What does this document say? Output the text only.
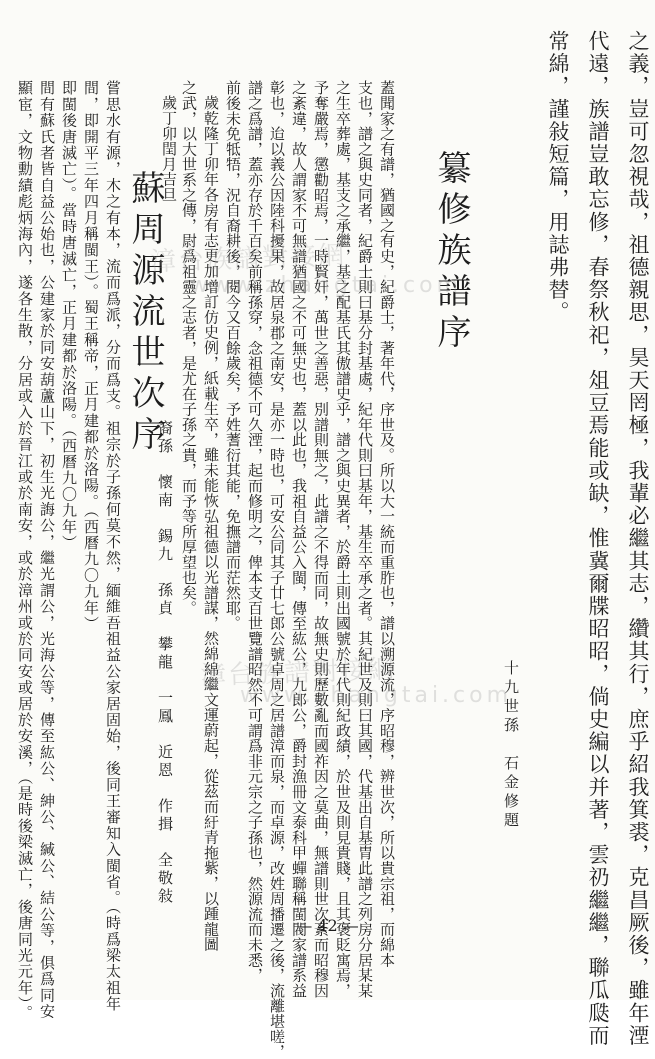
之義，豈可忽視哉，祖德親思，昊天罔極，我輩必繼其志，纘其行，庶乎紹我箕裘，克昌厥後，雖年湮
代遠，族譜豈敢忘修，春祭秋祀，俎豆焉能或缺，惟冀爾牒昭昭，倘史編以并著，雲礽繼繼，聯瓜瓞而
常綿，謹敍短篇，用誌弗替。
纂修族譜序
十九世孫　石金修題
蓋聞家之有譜，猶國之有史，紀爵士，著年代，序世及。所以大一統而重胙也，譜以溯源流，序昭穆，辨世次，所以貴宗祖，而綿本
支也，譜之與史同者，紀爵士則曰基分封基處，紀年代則曰基年，基生卒承之者。其紀世及則曰其國，代基出自基胄此譜之列房分居某某
之生卒葬處，基支之承繼，基之配基氏其傲譜史乎，譜之與史異者，於爵土則出國號於年代則紀政績，於世及則見貴賤，且其褒貶寓焉，
予奪嚴焉，懲勸昭焉，一時賢奸，萬世之善惡，別譜則無之，此譜之不得而同，故無史則歷數亂而國祚因之莫曲，無譜則世次紊而昭穆因
之紊違，故人謂家不可無譜猶國之不可無史也，蓋以此也，我祖自益公入閩，傳至紘公，九郎公，爵封漁冊文泰科甲蟬聯稱閩閥家譜系益
彰也，迨以義公因陸科擾果，故居泉郡之南安，是亦一時也，可安公同其子廿七郎公號卓周之居譜漳而泉，而卓源，改姓周播遷之後，流離堪嗟，
譜之爲譜，蓋亦存於千百矣前稱孫穿，念祖德不可久湮，起而修明之，俾本支百世覽譜昭然不可謂爲非元宗之子孫也，然源流而未悉，
前後未免牴牾，況自裔耕後，閱今又百餘歲矣，予姓蓍衍其能，免撫譜而茫然耶。
歲乾隆丁卯年各房有志更加增訂仿史例，紙載生卒，雖未能恢弘祖德以光譜謀，然綿綿繼文運蔚起，從茲而紆青拖紫，以踵龍圖
之武，以大世系之傳，尉爲祖靈之志者，是尤在子孫之貴，而予等所厚望也矣。
歲丁卯閏月吉旦
裔孫　懷南　錫九　孫貞　攀龍　一鳳　近恩　作揖　全敬敍
蘇周源流世次序
嘗思水有源，木之有本，流而爲派，分而爲支。祖宗於子孫何莫不然，緬維吾祖益公家居固始，後同王審知入閩省。（時爲梁太祖年
間，即開平三年四月稱閩王）。蜀王稱帝，正月建都於洛陽。（西曆九〇九年）
即閩後唐滅亡）。當時唐滅亡，正月建都於洛陽。（西曆九〇九年）
間有蘇氏者皆自益公始也，公建家於同安葫蘆山下，初生光誨公，繼光謂公，光海公等，傳至紘公、紳公、緘公、結公等，俱爲同安
顯宦，文物勳績彪炳海內，遂各生散，分居或入於晉江或於南安，或於漳州或於同安或居於安溪，（是時後梁滅亡，後唐同光元年）。	漳台族譜對接網
www.zhangtai.com
漳台族譜對接網
www.zhangtai.com
— 42 —
